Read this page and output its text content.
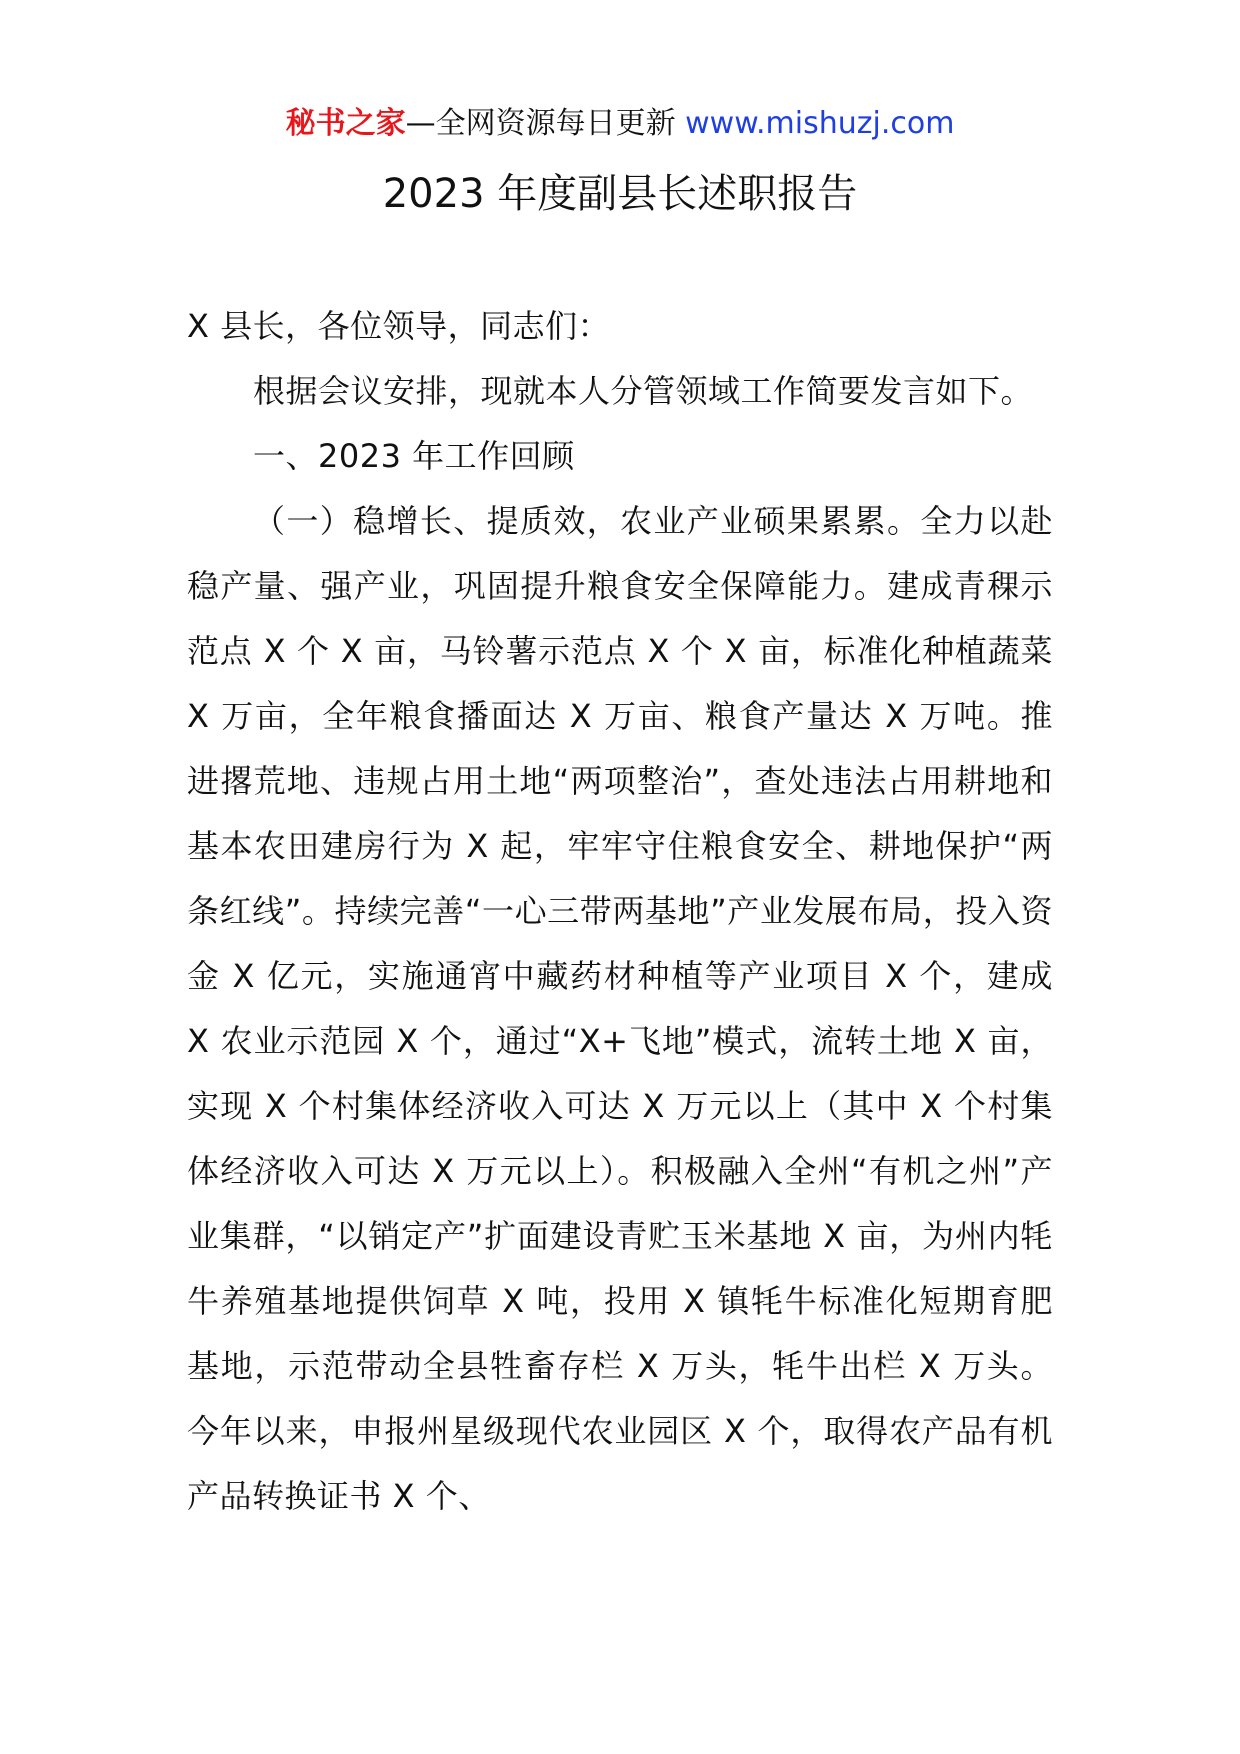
秘书之家—全网资源每日更新 www.mishuzj.com
2023 年度副县长述职报告

X 县长，各位领导，同志们：

根据会议安排，现就本人分管领域工作简要发言如下。

一、2023 年工作回顾

（一）稳增长、提质效，农业产业硕果累累。全力以赴稳产量、强产业，巩固提升粮食安全保障能力。建成青稞示范点 X 个 X 亩，马铃薯示范点 X 个 X 亩，标准化种植蔬菜 X 万亩，全年粮食播面达 X 万亩、粮食产量达 X 万吨。推进撂荒地、违规占用土地“两项整治”，查处违法占用耕地和基本农田建房行为 X 起，牢牢守住粮食安全、耕地保护“两条红线”。持续完善“一心三带两基地”产业发展布局，投入资金 X 亿元，实施通宵中藏药材种植等产业项目 X 个，建成 X 农业示范园 X 个，通过“X+飞地”模式，流转土地 X 亩，实现 X 个村集体经济收入可达 X 万元以上（其中 X 个村集体经济收入可达 X 万元以上）。积极融入全州“有机之州”产业集群，“以销定产”扩面建设青贮玉米基地 X 亩，为州内牦牛养殖基地提供饲草 X 吨，投用 X 镇牦牛标准化短期育肥基地，示范带动全县牲畜存栏 X 万头，牦牛出栏 X 万头。今年以来，申报州星级现代农业园区 X 个，取得农产品有机产品转换证书 X 个、
